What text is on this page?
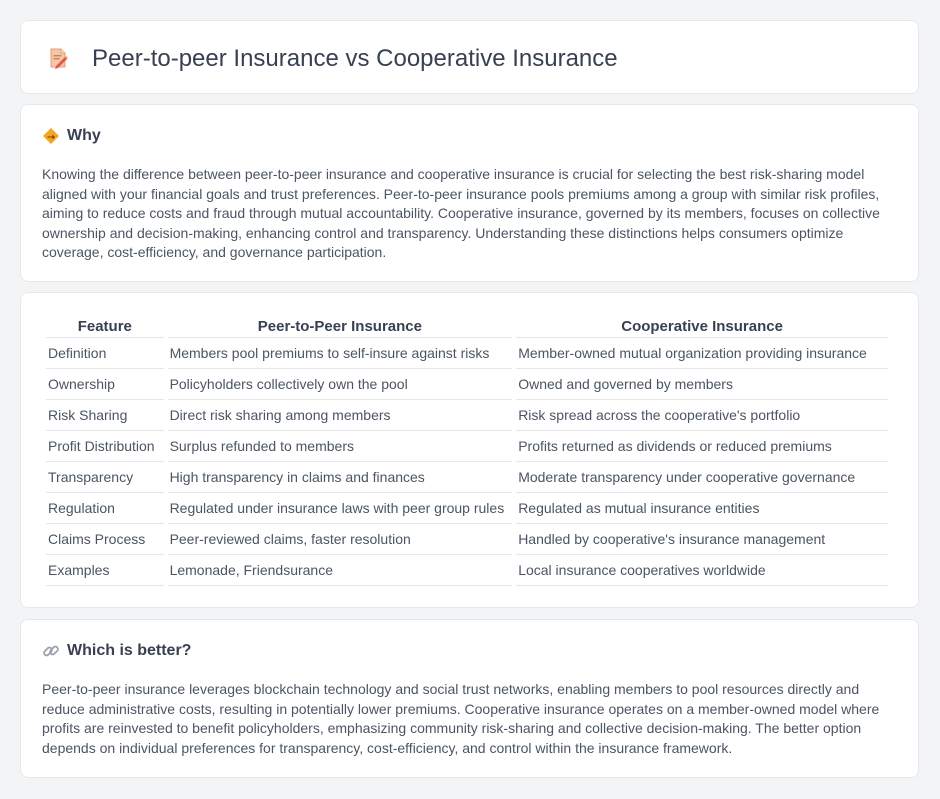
Peer-to-peer Insurance vs Cooperative Insurance
Why

Knowing the difference between peer-to-peer insurance and cooperative insurance is crucial for selecting the best risk-sharing model aligned with your financial goals and trust preferences. Peer-to-peer insurance pools premiums among a group with similar risk profiles, aiming to reduce costs and fraud through mutual accountability. Cooperative insurance, governed by its members, focuses on collective ownership and decision-making, enhancing control and transparency. Understanding these distinctions helps consumers optimize coverage, cost-efficiency, and governance participation.

Feature	Peer-to-Peer Insurance	Cooperative Insurance
Definition	Members pool premiums to self-insure against risks	Member-owned mutual organization providing insurance
Ownership	Policyholders collectively own the pool	Owned and governed by members
Risk Sharing	Direct risk sharing among members	Risk spread across the cooperative's portfolio
Profit Distribution	Surplus refunded to members	Profits returned as dividends or reduced premiums
Transparency	High transparency in claims and finances	Moderate transparency under cooperative governance
Regulation	Regulated under insurance laws with peer group rules	Regulated as mutual insurance entities
Claims Process	Peer-reviewed claims, faster resolution	Handled by cooperative's insurance management
Examples	Lemonade, Friendsurance	Local insurance cooperatives worldwide
Which is better?

Peer-to-peer insurance leverages blockchain technology and social trust networks, enabling members to pool resources directly and reduce administrative costs, resulting in potentially lower premiums. Cooperative insurance operates on a member-owned model where profits are reinvested to benefit policyholders, emphasizing community risk-sharing and collective decision-making. The better option depends on individual preferences for transparency, cost-efficiency, and control within the insurance framework.
